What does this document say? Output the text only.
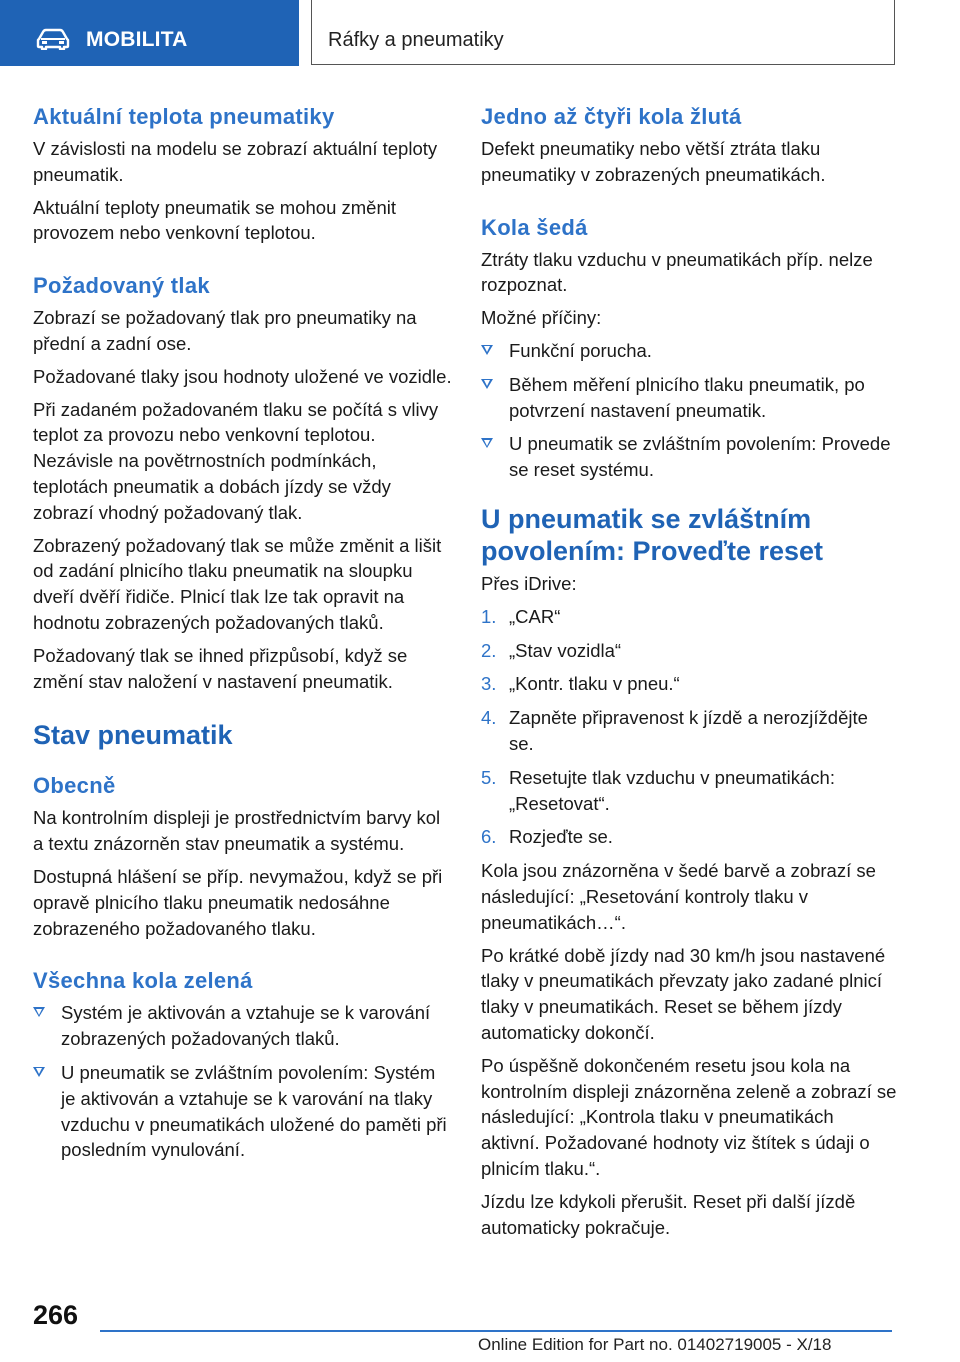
MOBILITA	Ráfky a pneumatiky
Aktuální teplota pneumatiky

V závislosti na modelu se zobrazí aktuální teploty pneumatik.

Aktuální teploty pneumatik se mohou změnit provozem nebo venkovní teplotou.

Požadovaný tlak

Zobrazí se požadovaný tlak pro pneumatiky na přední a zadní ose.

Požadované tlaky jsou hodnoty uložené ve vozidle.

Při zadaném požadovaném tlaku se počítá s vlivy teplot za provozu nebo venkovní teplotou. Nezávisle na povětrnostních podmínkách, teplotách pneumatik a dobách jízdy se vždy zobrazí vhodný požadovaný tlak.

Zobrazený požadovaný tlak se může změnit a lišit od zadání plnicího tlaku pneumatik na sloupku dveří dvěří řidiče. Plnicí tlak lze tak opravit na hodnotu zobrazených požadovaných tlaků.

Požadovaný tlak se ihned přizpůsobí, když se změní stav naložení v nastavení pneumatik.

Stav pneumatik
Obecně

Na kontrolním displeji je prostřednictvím barvy kol a textu znázorněn stav pneumatik a systému.

Dostupná hlášení se příp. nevymažou, když se při opravě plnicího tlaku pneumatik nedosáhne zobrazeného požadovaného tlaku.

Všechna kola zelená
Systém je aktivován a vztahuje se k varování zobrazených požadovaných tlaků.
U pneumatik se zvláštním povolením: Systém je aktivován a vztahuje se k varování na tlaky vzduchu v pneumatikách uložené do paměti při posledním vynulování.
Jedno až čtyři kola žlutá

Defekt pneumatiky nebo větší ztráta tlaku pneumatiky v zobrazených pneumatikách.

Kola šedá

Ztráty tlaku vzduchu v pneumatikách příp. nelze rozpoznat.

Možné příčiny:

Funkční porucha.
Během měření plnicího tlaku pneumatik, po potvrzení nastavení pneumatik.
U pneumatik se zvláštním povolením: Provede se reset systému.
U pneumatik se zvláštním povolením: Proveďte reset

Přes iDrive:

1. „CAR“
2. „Stav vozidla“
3. „Kontr. tlaku v pneu.“
4. Zapněte připravenost k jízdě a nerozjíždějte se.
5. Resetujte tlak vzduchu v pneumatikách: „Resetovat“.
6. Rozjeďte se.

Kola jsou znázorněna v šedé barvě a zobrazí se následující: „Resetování kontroly tlaku v pneumatikách…“.

Po krátké době jízdy nad 30 km/h jsou nastavené tlaky v pneumatikách převzaty jako zadané plnicí tlaky v pneumatikách. Reset se během jízdy automaticky dokončí.

Po úspěšně dokončeném resetu jsou kola na kontrolním displeji znázorněna zeleně a zobrazí se následující: „Kontrola tlaku v pneumatikách aktivní. Požadované hodnoty viz štítek s údaji o plnicím tlaku.“.

Jízdu lze kdykoli přerušit. Reset při další jízdě automaticky pokračuje.

266
Online Edition for Part no. 01402719005 - X/18
